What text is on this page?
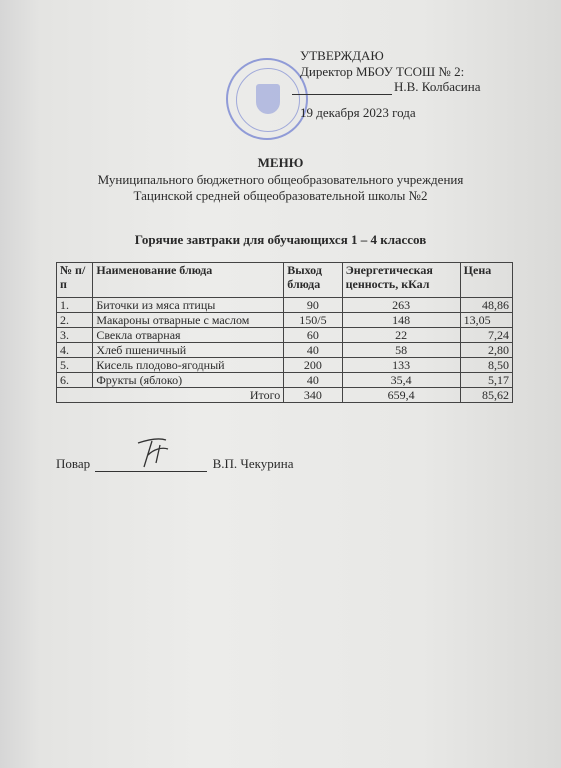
УТВЕРЖДАЮ
Директор МБОУ ТСОШ № 2:
Н.В. Колбасина
19 декабря 2023 года
МЕНЮ
Муниципального бюджетного общеобразовательного учреждения
Тацинской средней общеобразовательной школы №2
Горячие завтраки для обучающихся 1 – 4 классов
№ п/п	Наименование блюда	Выход блюда	Энергетическая ценность, кКал	Цена
1.	Биточки из мяса птицы	90	263	48,86
2.	Макароны отварные с маслом	150/5	148	13,05
3.	Свекла отварная	60	22	7,24
4.	Хлеб пшеничный	40	58	2,80
5.	Кисель плодово-ягодный	200	133	8,50
6.	Фрукты (яблоко)	40	35,4	5,17
Итого		340	659,4	85,62
Повар	В.П. Чекурина
